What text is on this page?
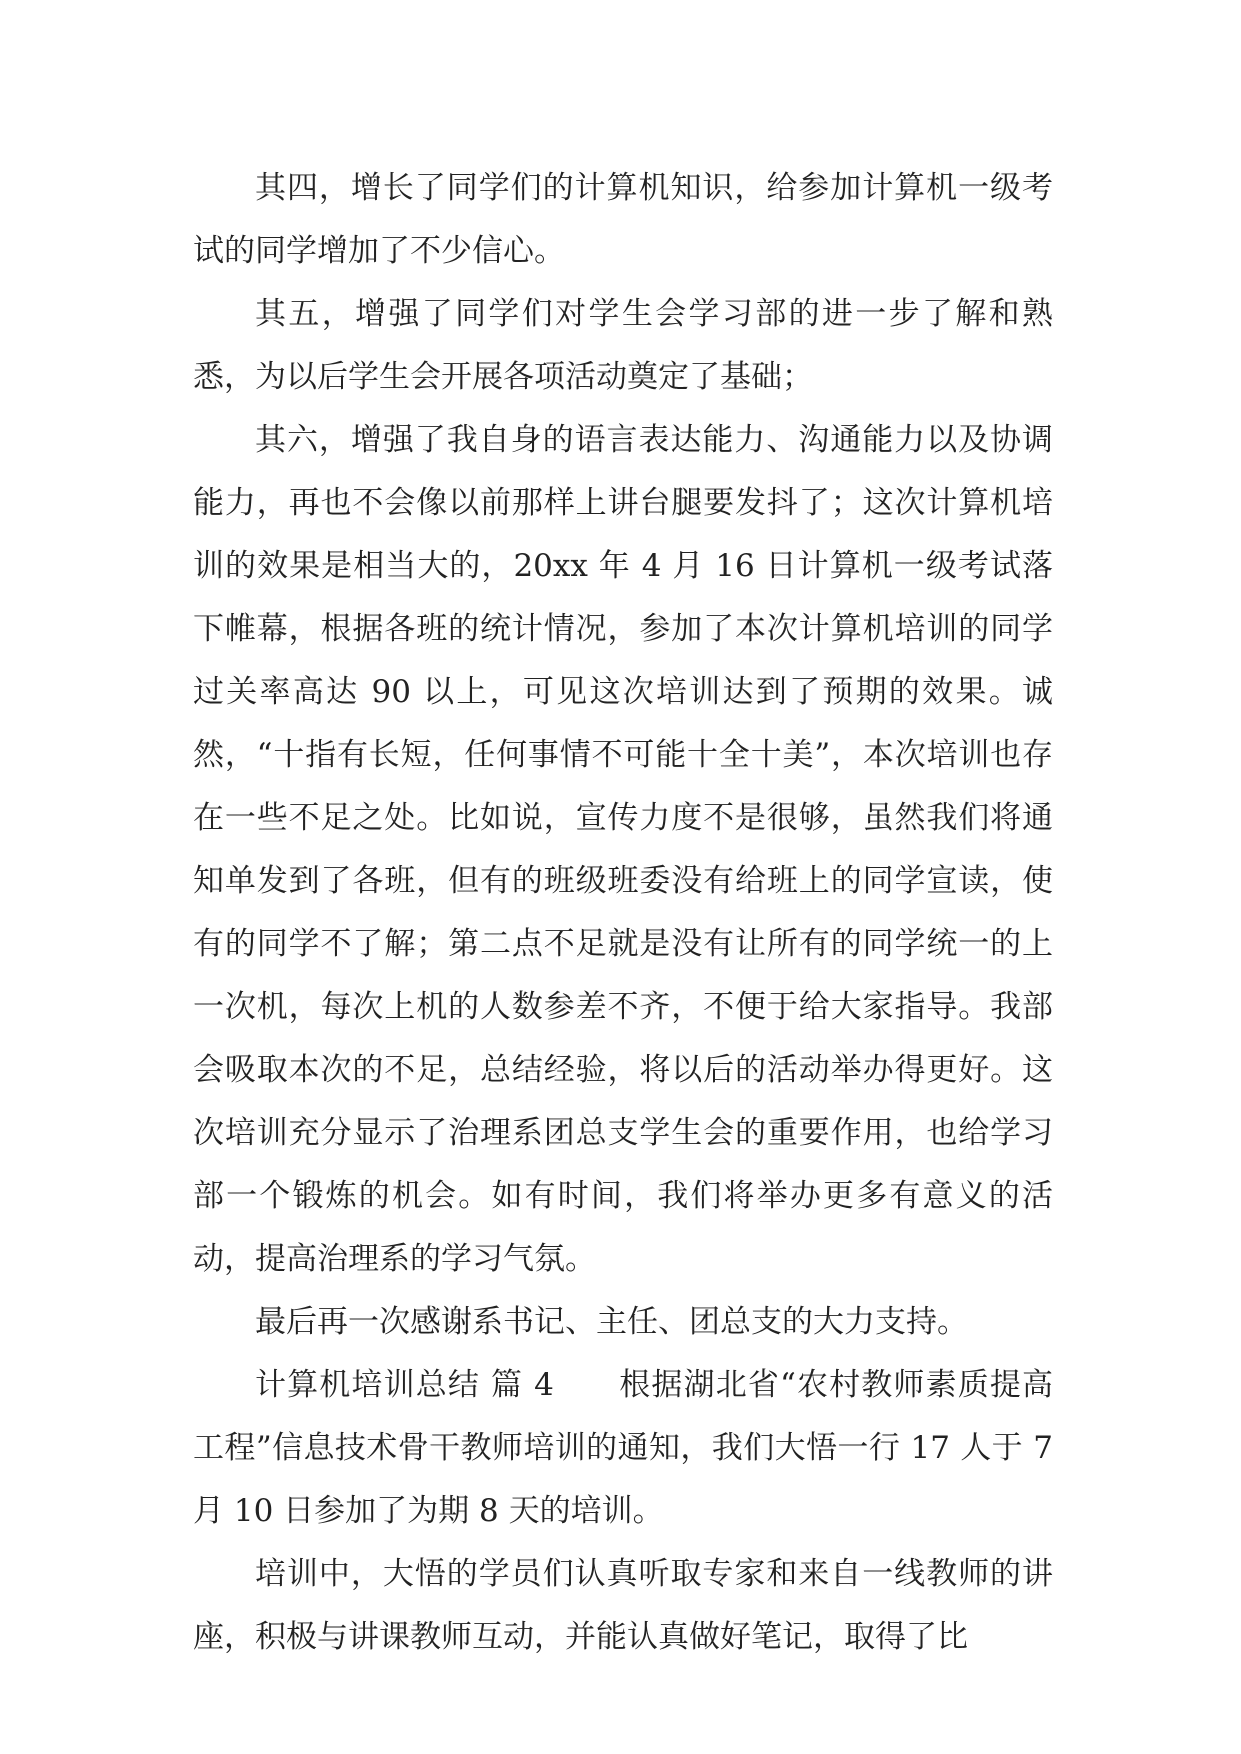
其四，增长了同学们的计算机知识，给参加计算机一级考试的同学增加了不少信心。

其五，增强了同学们对学生会学习部的进一步了解和熟悉，为以后学生会开展各项活动奠定了基础；

其六，增强了我自身的语言表达能力、沟通能力以及协调能力，再也不会像以前那样上讲台腿要发抖了；这次计算机培训的效果是相当大的，20xx 年 4 月 16 日计算机一级考试落下帷幕，根据各班的统计情况，参加了本次计算机培训的同学过关率高达 90 以上，可见这次培训达到了预期的效果。诚然，“十指有长短，任何事情不可能十全十美”，本次培训也存在一些不足之处。比如说，宣传力度不是很够，虽然我们将通知单发到了各班，但有的班级班委没有给班上的同学宣读，使有的同学不了解；第二点不足就是没有让所有的同学统一的上一次机，每次上机的人数参差不齐，不便于给大家指导。我部会吸取本次的不足，总结经验，将以后的活动举办得更好。这次培训充分显示了治理系团总支学生会的重要作用，也给学习部一个锻炼的机会。如有时间，我们将举办更多有意义的活动，提高治理系的学习气氛。

最后再一次感谢系书记、主任、团总支的大力支持。

计算机培训总结 篇 4　　根据湖北省“农村教师素质提高工程”信息技术骨干教师培训的通知，我们大悟一行 17 人于 7 月 10 日参加了为期 8 天的培训。

培训中，大悟的学员们认真听取专家和来自一线教师的讲座，积极与讲课教师互动，并能认真做好笔记，取得了比
